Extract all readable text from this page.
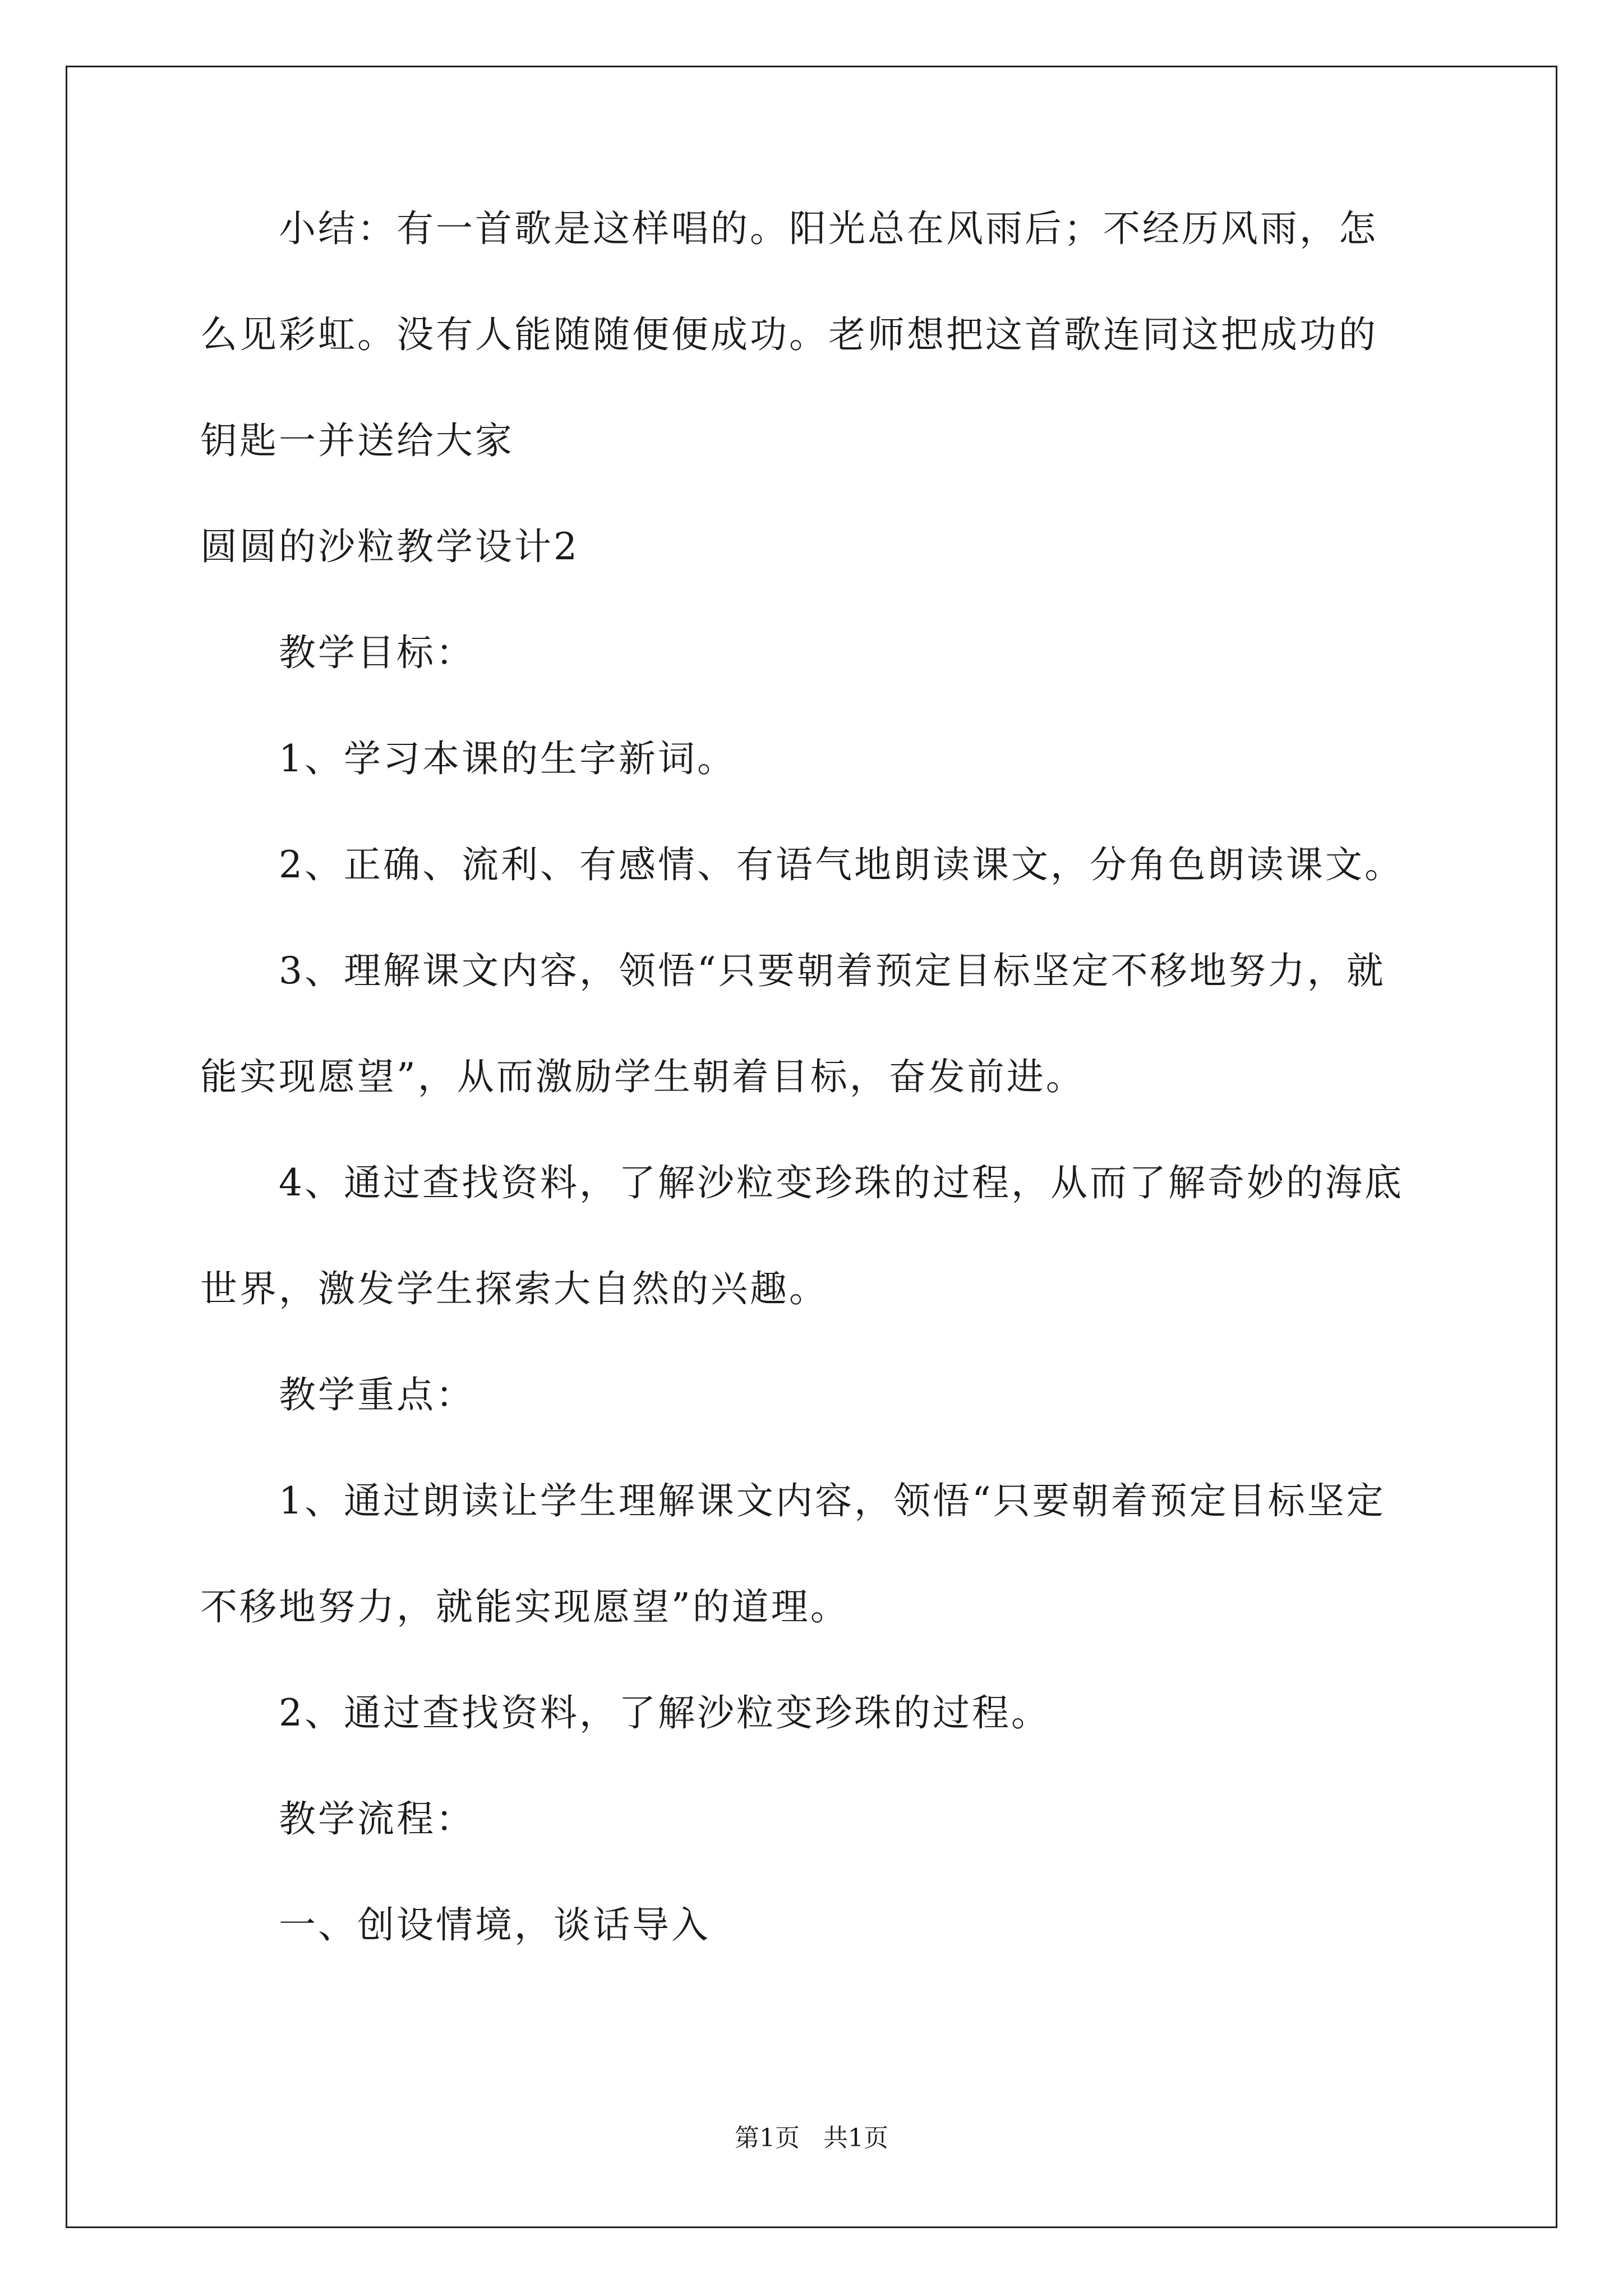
小结：有一首歌是这样唱的。阳光总在风雨后；不经历风雨，怎
么见彩虹。没有人能随随便便成功。老师想把这首歌连同这把成功的
钥匙一并送给大家
圆圆的沙粒教学设计2
教学目标：
1、学习本课的生字新词。
2、正确、流利、有感情、有语气地朗读课文，分角色朗读课文。
3、理解课文内容，领悟“只要朝着预定目标坚定不移地努力，就
能实现愿望”，从而激励学生朝着目标，奋发前进。
4、通过查找资料，了解沙粒变珍珠的过程，从而了解奇妙的海底
世界，激发学生探索大自然的兴趣。
教学重点：
1、通过朗读让学生理解课文内容，领悟“只要朝着预定目标坚定
不移地努力，就能实现愿望”的道理。
2、通过查找资料，了解沙粒变珍珠的过程。
教学流程：
一、创设情境，谈话导入
第1页   共1页
